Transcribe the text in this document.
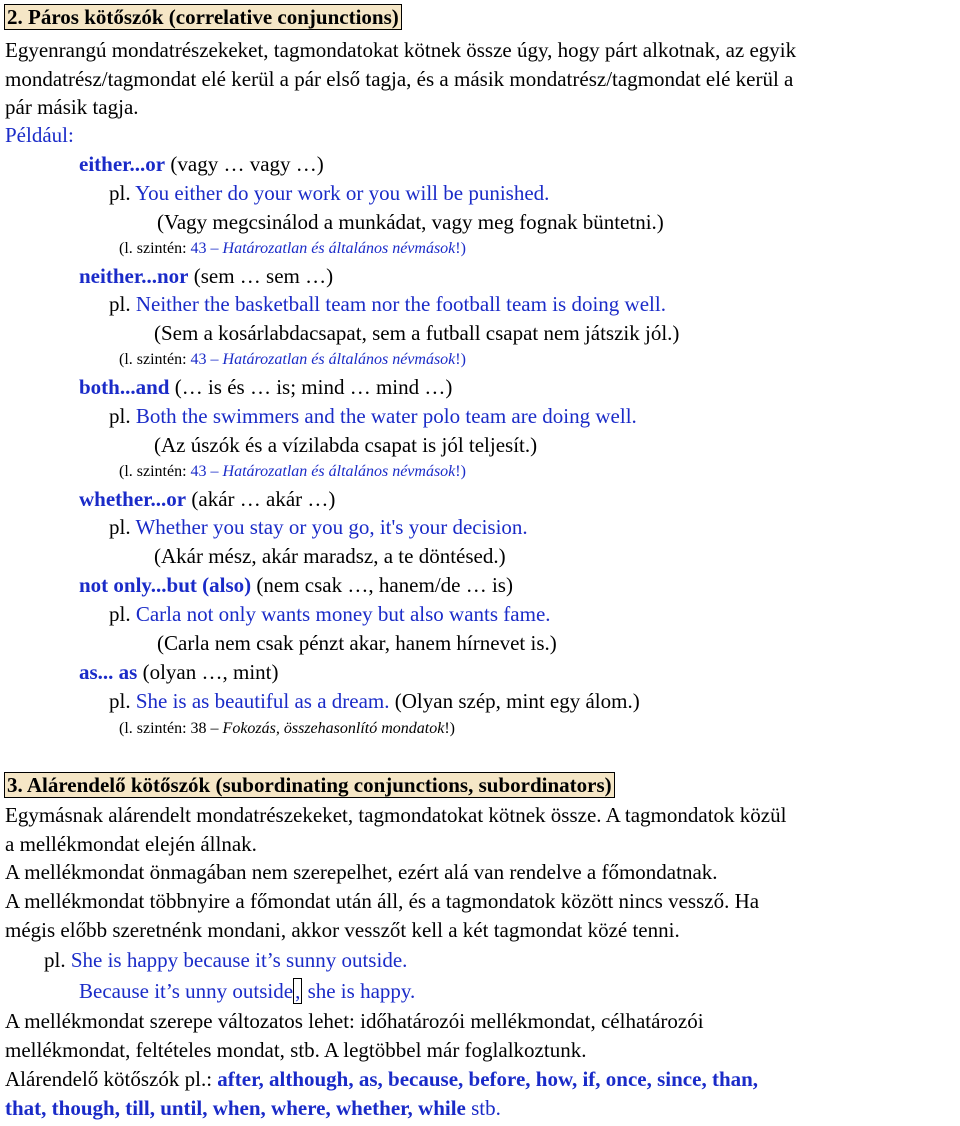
2. Páros kötőszók (correlative conjunctions)
Egyenrangú mondatrészekeket, tagmondatokat kötnek össze úgy, hogy párt alkotnak, az egyik
mondatrész/tagmondat elé kerül a pár első tagja, és a másik mondatrész/tagmondat elé kerül a
pár másik tagja.
Például:
either...or (vagy … vagy …)
pl. You either do your work or you will be punished.
(Vagy megcsinálod a munkádat, vagy meg fognak büntetni.)
(l. szintén: 43 – Határozatlan és általános névmások!)
neither...nor (sem … sem …)
pl. Neither the basketball team nor the football team is doing well.
(Sem a kosárlabdacsapat, sem a futball csapat nem játszik jól.)
(l. szintén: 43 – Határozatlan és általános névmások!)
both...and (… is és … is; mind … mind …)
pl. Both the swimmers and the water polo team are doing well.
(Az úszók és a vízilabda csapat is jól teljesít.)
(l. szintén: 43 – Határozatlan és általános névmások!)
whether...or (akár … akár …)
pl. Whether you stay or you go, it's your decision.
(Akár mész, akár maradsz, a te döntésed.)
not only...but (also) (nem csak …, hanem/de … is)
pl. Carla not only wants money but also wants fame.
(Carla nem csak pénzt akar, hanem hírnevet is.)
as... as (olyan …, mint)
pl. She is as beautiful as a dream. (Olyan szép, mint egy álom.)
(l. szintén: 38 – Fokozás, összehasonlító mondatok!)
3. Alárendelő kötőszók (subordinating conjunctions, subordinators)
Egymásnak alárendelt mondatrészekeket, tagmondatokat kötnek össze. A tagmondatok közül
a mellékmondat elején állnak.
A mellékmondat önmagában nem szerepelhet, ezért alá van rendelve a főmondatnak.
A mellékmondat többnyire a főmondat után áll, és a tagmondatok között nincs vessző. Ha
mégis előbb szeretnénk mondani, akkor vesszőt kell a két tagmondat közé tenni.
pl. She is happy because it’s sunny outside.
Because it’s unny outside, she is happy.
A mellékmondat szerepe változatos lehet: időhatározói mellékmondat, célhatározói
mellékmondat, feltételes mondat, stb. A legtöbbel már foglalkoztunk.
Alárendelő kötőszók pl.: after, although, as, because, before, how, if, once, since, than,
that, though, till, until, when, where, whether, while stb.
